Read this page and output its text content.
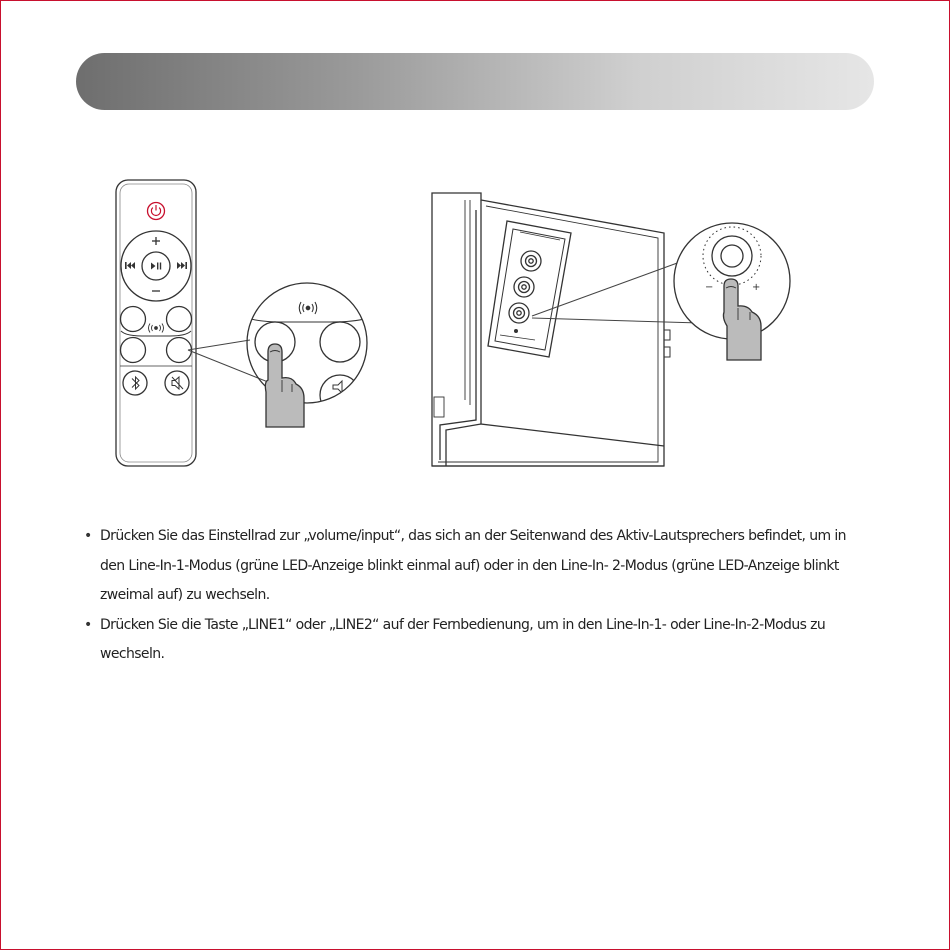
−	+
• Drücken Sie das Einstellrad zur „volume/input“, das sich an der Seitenwand des Aktiv-Lautsprechers befindet, um in den Line-In-1-Modus (grüne LED-Anzeige blinkt einmal auf) oder in den Line-In- 2-Modus (grüne LED-Anzeige blinkt zweimal auf) zu wechseln.
• Drücken Sie die Taste „LINE1“ oder „LINE2“ auf der Fernbedienung, um in den Line-In-1- oder Line-In-2-Modus zu wechseln.
